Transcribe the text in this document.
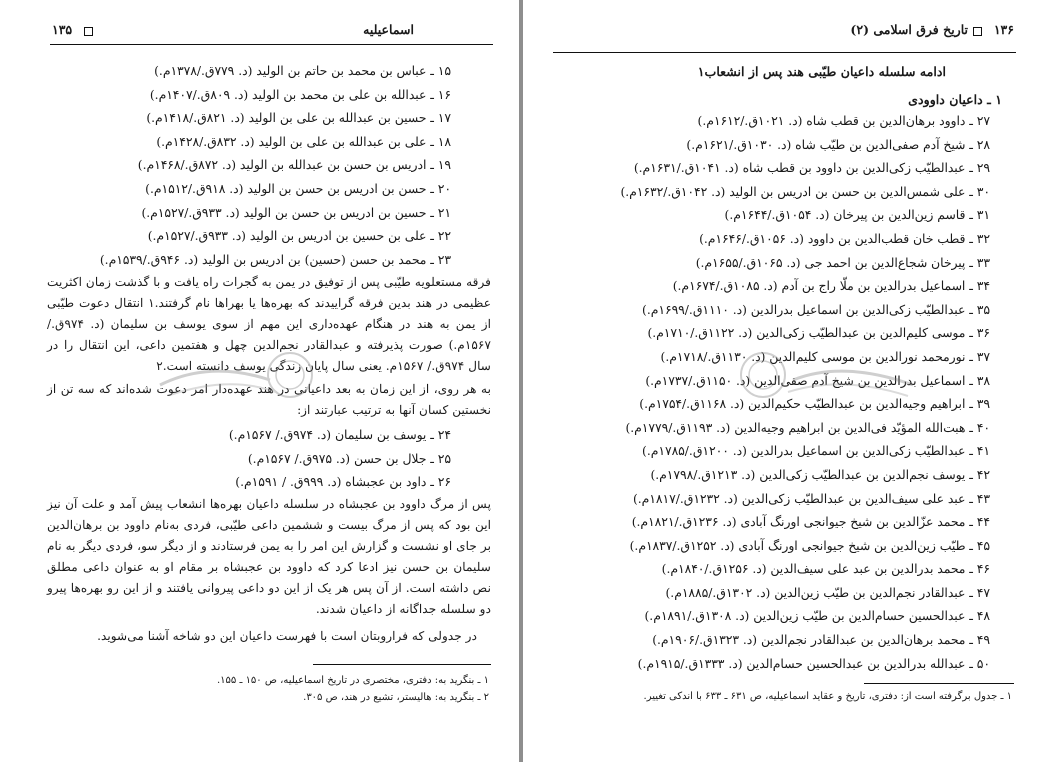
اسماعیلیه
۱۳۵
۱۵ ـ عباس بن محمد بن حاتم بن الولید (د. ۷۷۹ق./۱۳۷۸م.)
۱۶ ـ عبدالله بن علی بن محمد بن الولید (د. ۸۰۹ق./۱۴۰۷م.)
۱۷ ـ حسین بن عبدالله بن علی بن الولید (د. ۸۲۱ق./۱۴۱۸م.)
۱۸ ـ علی بن عبدالله بن علی بن الولید (د. ۸۳۲ق./۱۴۲۸م.)
۱۹ ـ ادریس بن حسن بن عبدالله بن الولید (د. ۸۷۲ق./۱۴۶۸م.)
۲۰ ـ حسن بن ادریس بن حسن بن الولید (د. ۹۱۸ق./۱۵۱۲م.)
۲۱ ـ حسین بن ادریس بن حسن بن الولید (د. ۹۳۳ق./۱۵۲۷م.)
۲۲ ـ علی بن حسین بن ادریس بن الولید (د. ۹۳۳ق./۱۵۲۷م.)
۲۳ ـ محمد بن حسن (حسین) بن ادریس بن الولید (د. ۹۴۶ق./۱۵۳۹م.)
فرقه مستعلویه طیّبی پس از توفیق در یمن به گجرات راه یافت و با گذشت زمان اکثریت عظیمی در هند بدین فرقه گراییدند که بهره‌ها یا بهراها نام گرفتند.۱ انتقال دعوت طیّبی از یمن به هند در هنگام عهده‌داری این مهم از سوی یوسف بن سلیمان (د. ۹۷۴ق./ ۱۵۶۷م.) صورت پذیرفته و عبدالقادر نجم‌الدین چهل و هفتمین داعی، این انتقال را در سال ۹۷۴ق./ ۱۵۶۷م. یعنی سال پایان زندگی یوسف دانسته است.۲
به هر روی، از این زمان به بعد داعیانی در هند عهده‌دار امر دعوت شده‌اند که سه تن از نخستین کسان آنها به ترتیب عبارتند از:
۲۴ ـ یوسف بن سلیمان (د. ۹۷۴ق./ ۱۵۶۷م.)
۲۵ ـ جلال بن حسن (د. ۹۷۵ق./ ۱۵۶۷م.)
۲۶ ـ داود بن عجبشاه (د. ۹۹۹ق. / ۱۵۹۱م.)
پس از مرگ داوود بن عجبشاه در سلسله داعیان بهره‌ها انشعاب پیش آمد و علت آن نیز این بود که پس از مرگ بیست و ششمین داعی طیّبی، فردی به‌نام داوود بن برهان‌الدین بر جای او نشست و گزارش این امر را به یمن فرستادند و از دیگر سو، فردی دیگر به نام سلیمان بن حسن نیز ادعا کرد که داوود بن عجبشاه بر مقام او به عنوان داعی مطلق نص داشته است. از آن پس هر یک از این دو داعی پیروانی یافتند و از این رو بهره‌ها پیرو دو سلسله جداگانه از داعیان شدند.
در جدولی که فراروبتان است با فهرست داعیان این دو شاخه آشنا می‌شوید.
۱ ـ بنگرید به: دفتری، مختصری در تاریخ اسماعیلیه، ص ۱۵۰ ـ ۱۵۵.
۲ ـ بنگرید به: هالیستر، تشیع در هند، ص ۳۰۵.
۱۳۶
تاریخ فرق اسلامی (۲)
ادامه سلسله داعیان طیّبی هند پس از انشعاب۱
۱ ـ داعیان داوودی
۲۷ ـ داوود برهان‌الدین بن قطب شاه (د. ۱۰۲۱ق./۱۶۱۲م.)
۲۸ ـ شیخ آدم صفی‌الدین بن طیّب شاه (د. ۱۰۳۰ق./۱۶۲۱م.)
۲۹ ـ عبدالطیّب زکی‌الدین بن داوود بن قطب شاه (د. ۱۰۴۱ق./۱۶۳۱م.)
۳۰ ـ علی شمس‌الدین بن حسن بن ادریس بن الولید (د. ۱۰۴۲ق./۱۶۳۲م.)
۳۱ ـ قاسم زین‌الدین بن پیرخان (د. ۱۰۵۴ق./۱۶۴۴م.)
۳۲ ـ قطب خان قطب‌الدین بن داوود (د. ۱۰۵۶ق./۱۶۴۶م.)
۳۳ ـ پیرخان شجاع‌الدین بن احمد جی (د. ۱۰۶۵ق./۱۶۵۵م.)
۳۴ ـ اسماعیل بدرالدین بن ملّا راج بن آدم (د. ۱۰۸۵ق./۱۶۷۴م.)
۳۵ ـ عبدالطیّب زکی‌الدین بن اسماعیل بدرالدین (د. ۱۱۱۰ق./۱۶۹۹م.)
۳۶ ـ موسی کلیم‌الدین بن عبدالطیّب زکی‌الدین (د. ۱۱۲۲ق./۱۷۱۰م.)
۳۷ ـ نورمحمد نورالدین بن موسی کلیم‌الدین (د. ۱۱۳۰ق./۱۷۱۸م.)
۳۸ ـ اسماعیل بدرالدین بن شیخ آدم صفی‌الدین (د. ۱۱۵۰ق./۱۷۳۷م.)
۳۹ ـ ابراهیم وجیه‌الدین بن عبدالطیّب حکیم‌الدین (د. ۱۱۶۸ق./۱۷۵۴م.)
۴۰ ـ هبت‌الله المؤیّد فی‌الدین بن ابراهیم وجیه‌الدین (د. ۱۱۹۳ق./۱۷۷۹م.)
۴۱ ـ عبدالطیّب زکی‌الدین بن اسماعیل بدرالدین (د. ۱۲۰۰ق./۱۷۸۵م.)
۴۲ ـ یوسف نجم‌الدین بن عبدالطیّب زکی‌الدین (د. ۱۲۱۳ق./۱۷۹۸م.)
۴۳ ـ عبد علی سیف‌الدین بن عبدالطیّب زکی‌الدین (د. ۱۲۳۲ق./۱۸۱۷م.)
۴۴ ـ محمد عزّالدین بن شیخ جیوانجی اورنگ آبادی (د. ۱۲۳۶ق./۱۸۲۱م.)
۴۵ ـ طیّب زین‌الدین بن شیخ جیوانجی اورنگ آبادی (د. ۱۲۵۲ق./۱۸۳۷م.)
۴۶ ـ محمد بدرالدین بن عبد علی سیف‌الدین (د. ۱۲۵۶ق./۱۸۴۰م.)
۴۷ ـ عبدالقادر نجم‌الدین بن طیّب زین‌الدین (د. ۱۳۰۲ق./۱۸۸۵م.)
۴۸ ـ عبدالحسین حسام‌الدین بن طیّب زین‌الدین (د. ۱۳۰۸ق./۱۸۹۱م.)
۴۹ ـ محمد برهان‌الدین بن عبدالقادر نجم‌الدین (د. ۱۳۲۳ق./۱۹۰۶م.)
۵۰ ـ عبدالله بدرالدین بن عبدالحسین حسام‌الدین (د. ۱۳۳۳ق./۱۹۱۵م.)
۱ ـ جدول برگرفته است از: دفتری، تاریخ و عقاید اسماعیلیه، ص ۶۳۱ ـ ۶۳۳ با اندکی تغییر.
